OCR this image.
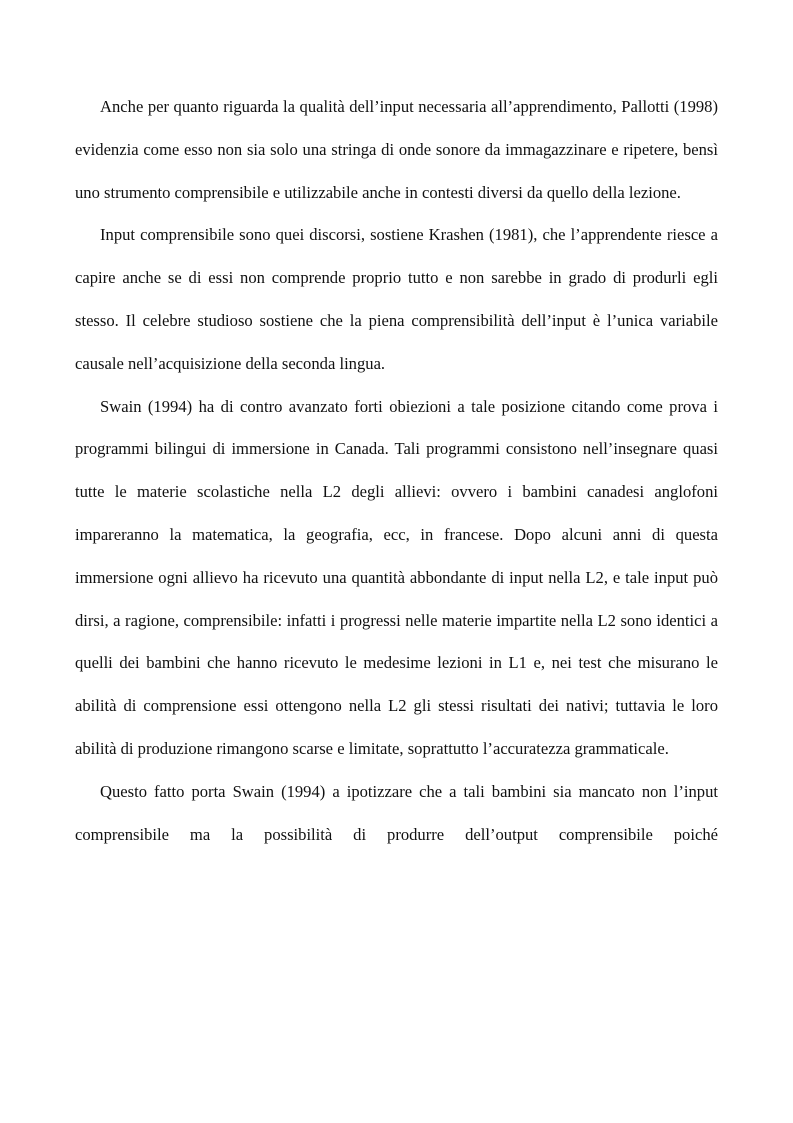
Anche per quanto riguarda la qualità dell’input necessaria all’apprendimento, Pallotti (1998) evidenzia come esso non sia solo una stringa di onde sonore da immagazzinare e ripetere, bensì uno strumento comprensibile e utilizzabile anche in contesti diversi da quello della lezione.

Input comprensibile sono quei discorsi, sostiene Krashen (1981), che l’apprendente riesce a capire anche se di essi non comprende proprio tutto e non sarebbe in grado di produrli egli stesso. Il celebre studioso sostiene che la piena comprensibilità dell’input è l’unica variabile causale nell’acquisizione della seconda lingua.

Swain (1994) ha di contro avanzato forti obiezioni a tale posizione citando come prova i programmi bilingui di immersione in Canada. Tali programmi consistono nell’insegnare quasi tutte le materie scolastiche nella L2 degli allievi: ovvero i bambini canadesi anglofoni impareranno la matematica, la geografia, ecc, in francese. Dopo alcuni anni di questa immersione ogni allievo ha ricevuto una quantità abbondante di input nella L2, e tale input può dirsi, a ragione, comprensibile: infatti i progressi nelle materie impartite nella L2 sono identici a quelli dei bambini che hanno ricevuto le medesime lezioni in L1 e, nei test che misurano le abilità di comprensione essi ottengono nella L2 gli stessi risultati dei nativi; tuttavia le loro abilità di produzione rimangono scarse e limitate, soprattutto l’accuratezza grammaticale.

Questo fatto porta Swain (1994) a ipotizzare che a tali bambini sia mancato non l’input comprensibile ma la possibilità di produrre dell’output comprensibile poiché
